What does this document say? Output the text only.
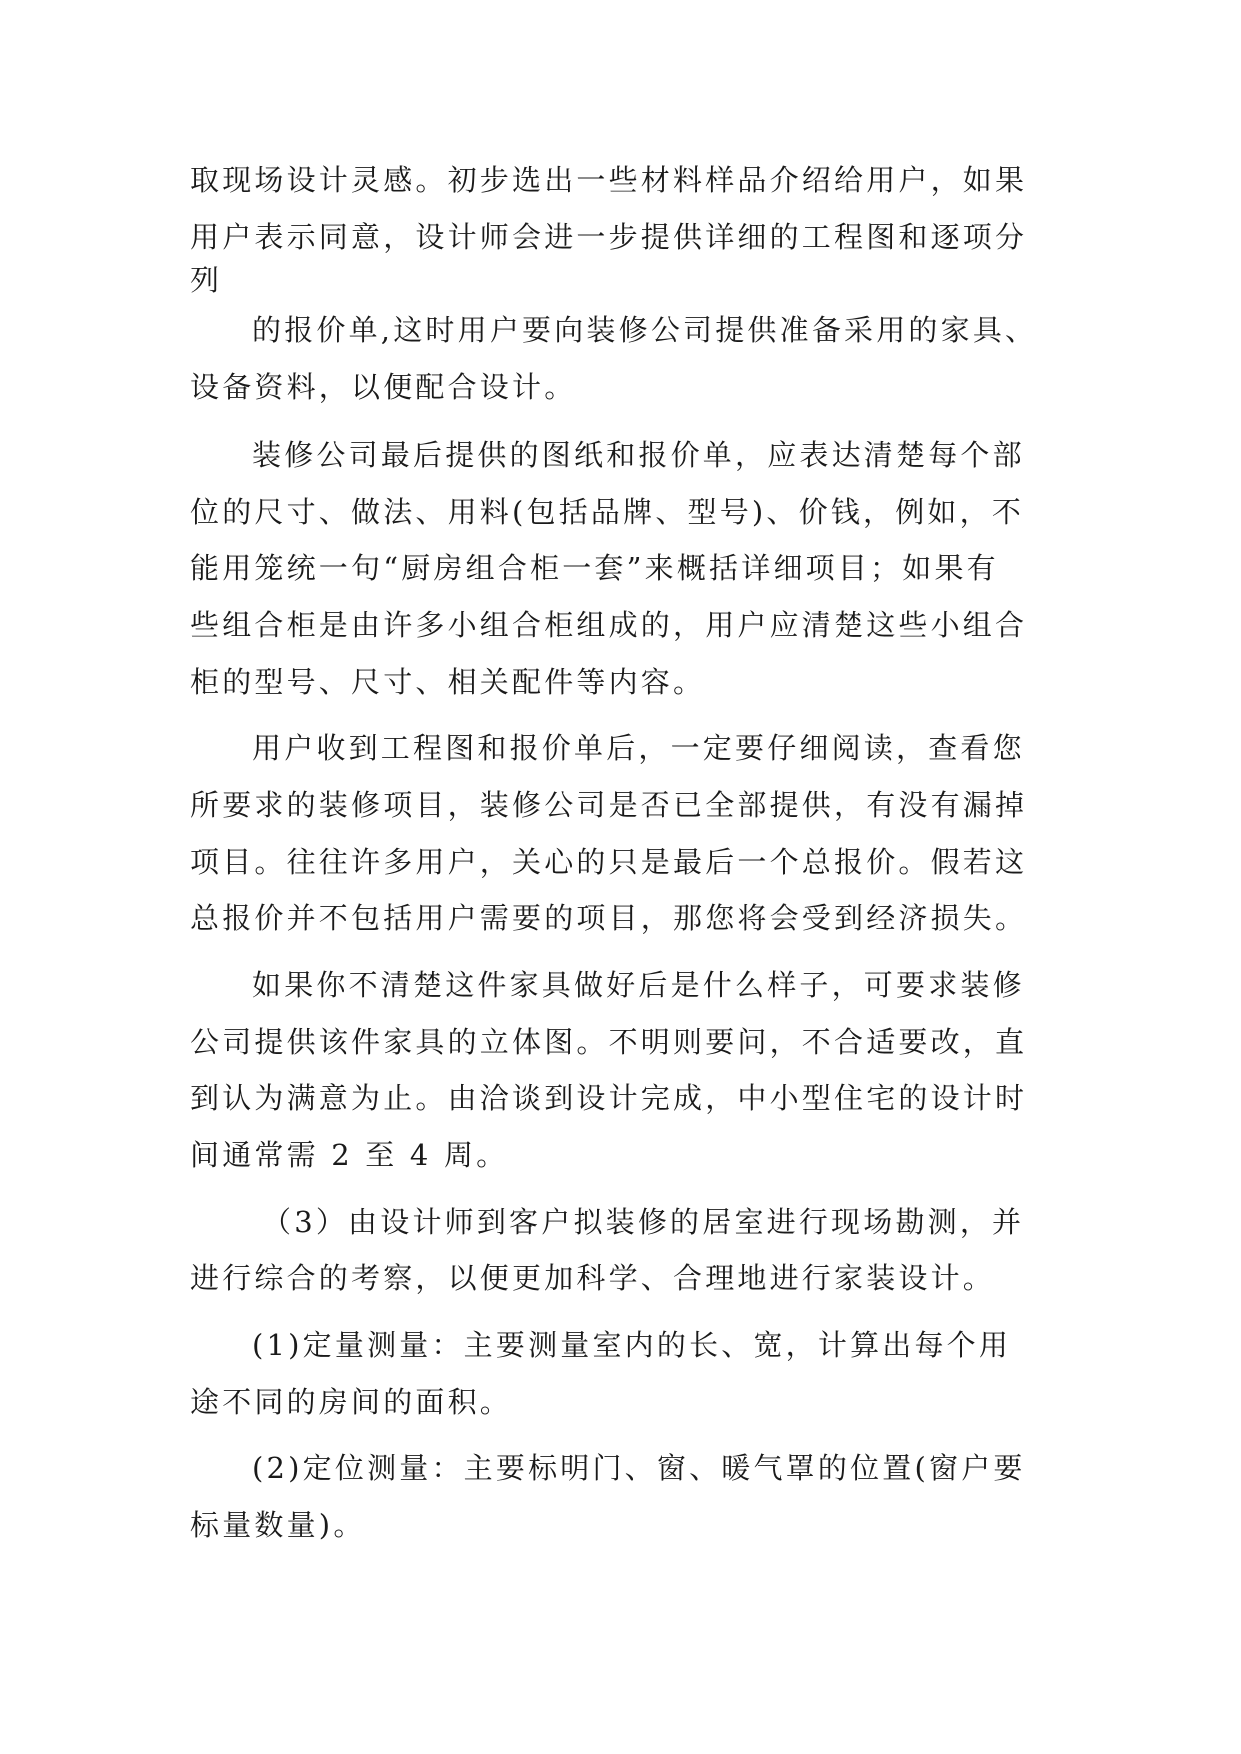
取现场设计灵感。初步选出一些材料样品介绍给用户，如果
用户表示同意，设计师会进一步提供详细的工程图和逐项分
列
的报价单,这时用户要向装修公司提供准备采用的家具、
设备资料，以便配合设计。
装修公司最后提供的图纸和报价单，应表达清楚每个部
位的尺寸、做法、用料(包括品牌、型号)、价钱，例如，不
能用笼统一句“厨房组合柜一套”来概括详细项目；如果有
些组合柜是由许多小组合柜组成的，用户应清楚这些小组合
柜的型号、尺寸、相关配件等内容。
用户收到工程图和报价单后，一定要仔细阅读，查看您
所要求的装修项目，装修公司是否已全部提供，有没有漏掉
项目。往往许多用户，关心的只是最后一个总报价。假若这
总报价并不包括用户需要的项目，那您将会受到经济损失。
如果你不清楚这件家具做好后是什么样子，可要求装修
公司提供该件家具的立体图。不明则要问，不合适要改，直
到认为满意为止。由洽谈到设计完成，中小型住宅的设计时
间通常需 2 至 4 周。
（3）由设计师到客户拟装修的居室进行现场勘测，并
进行综合的考察，以便更加科学、合理地进行家装设计。
(1)定量测量：主要测量室内的长、宽，计算出每个用
途不同的房间的面积。
(2)定位测量：主要标明门、窗、暖气罩的位置(窗户要
标量数量)。
